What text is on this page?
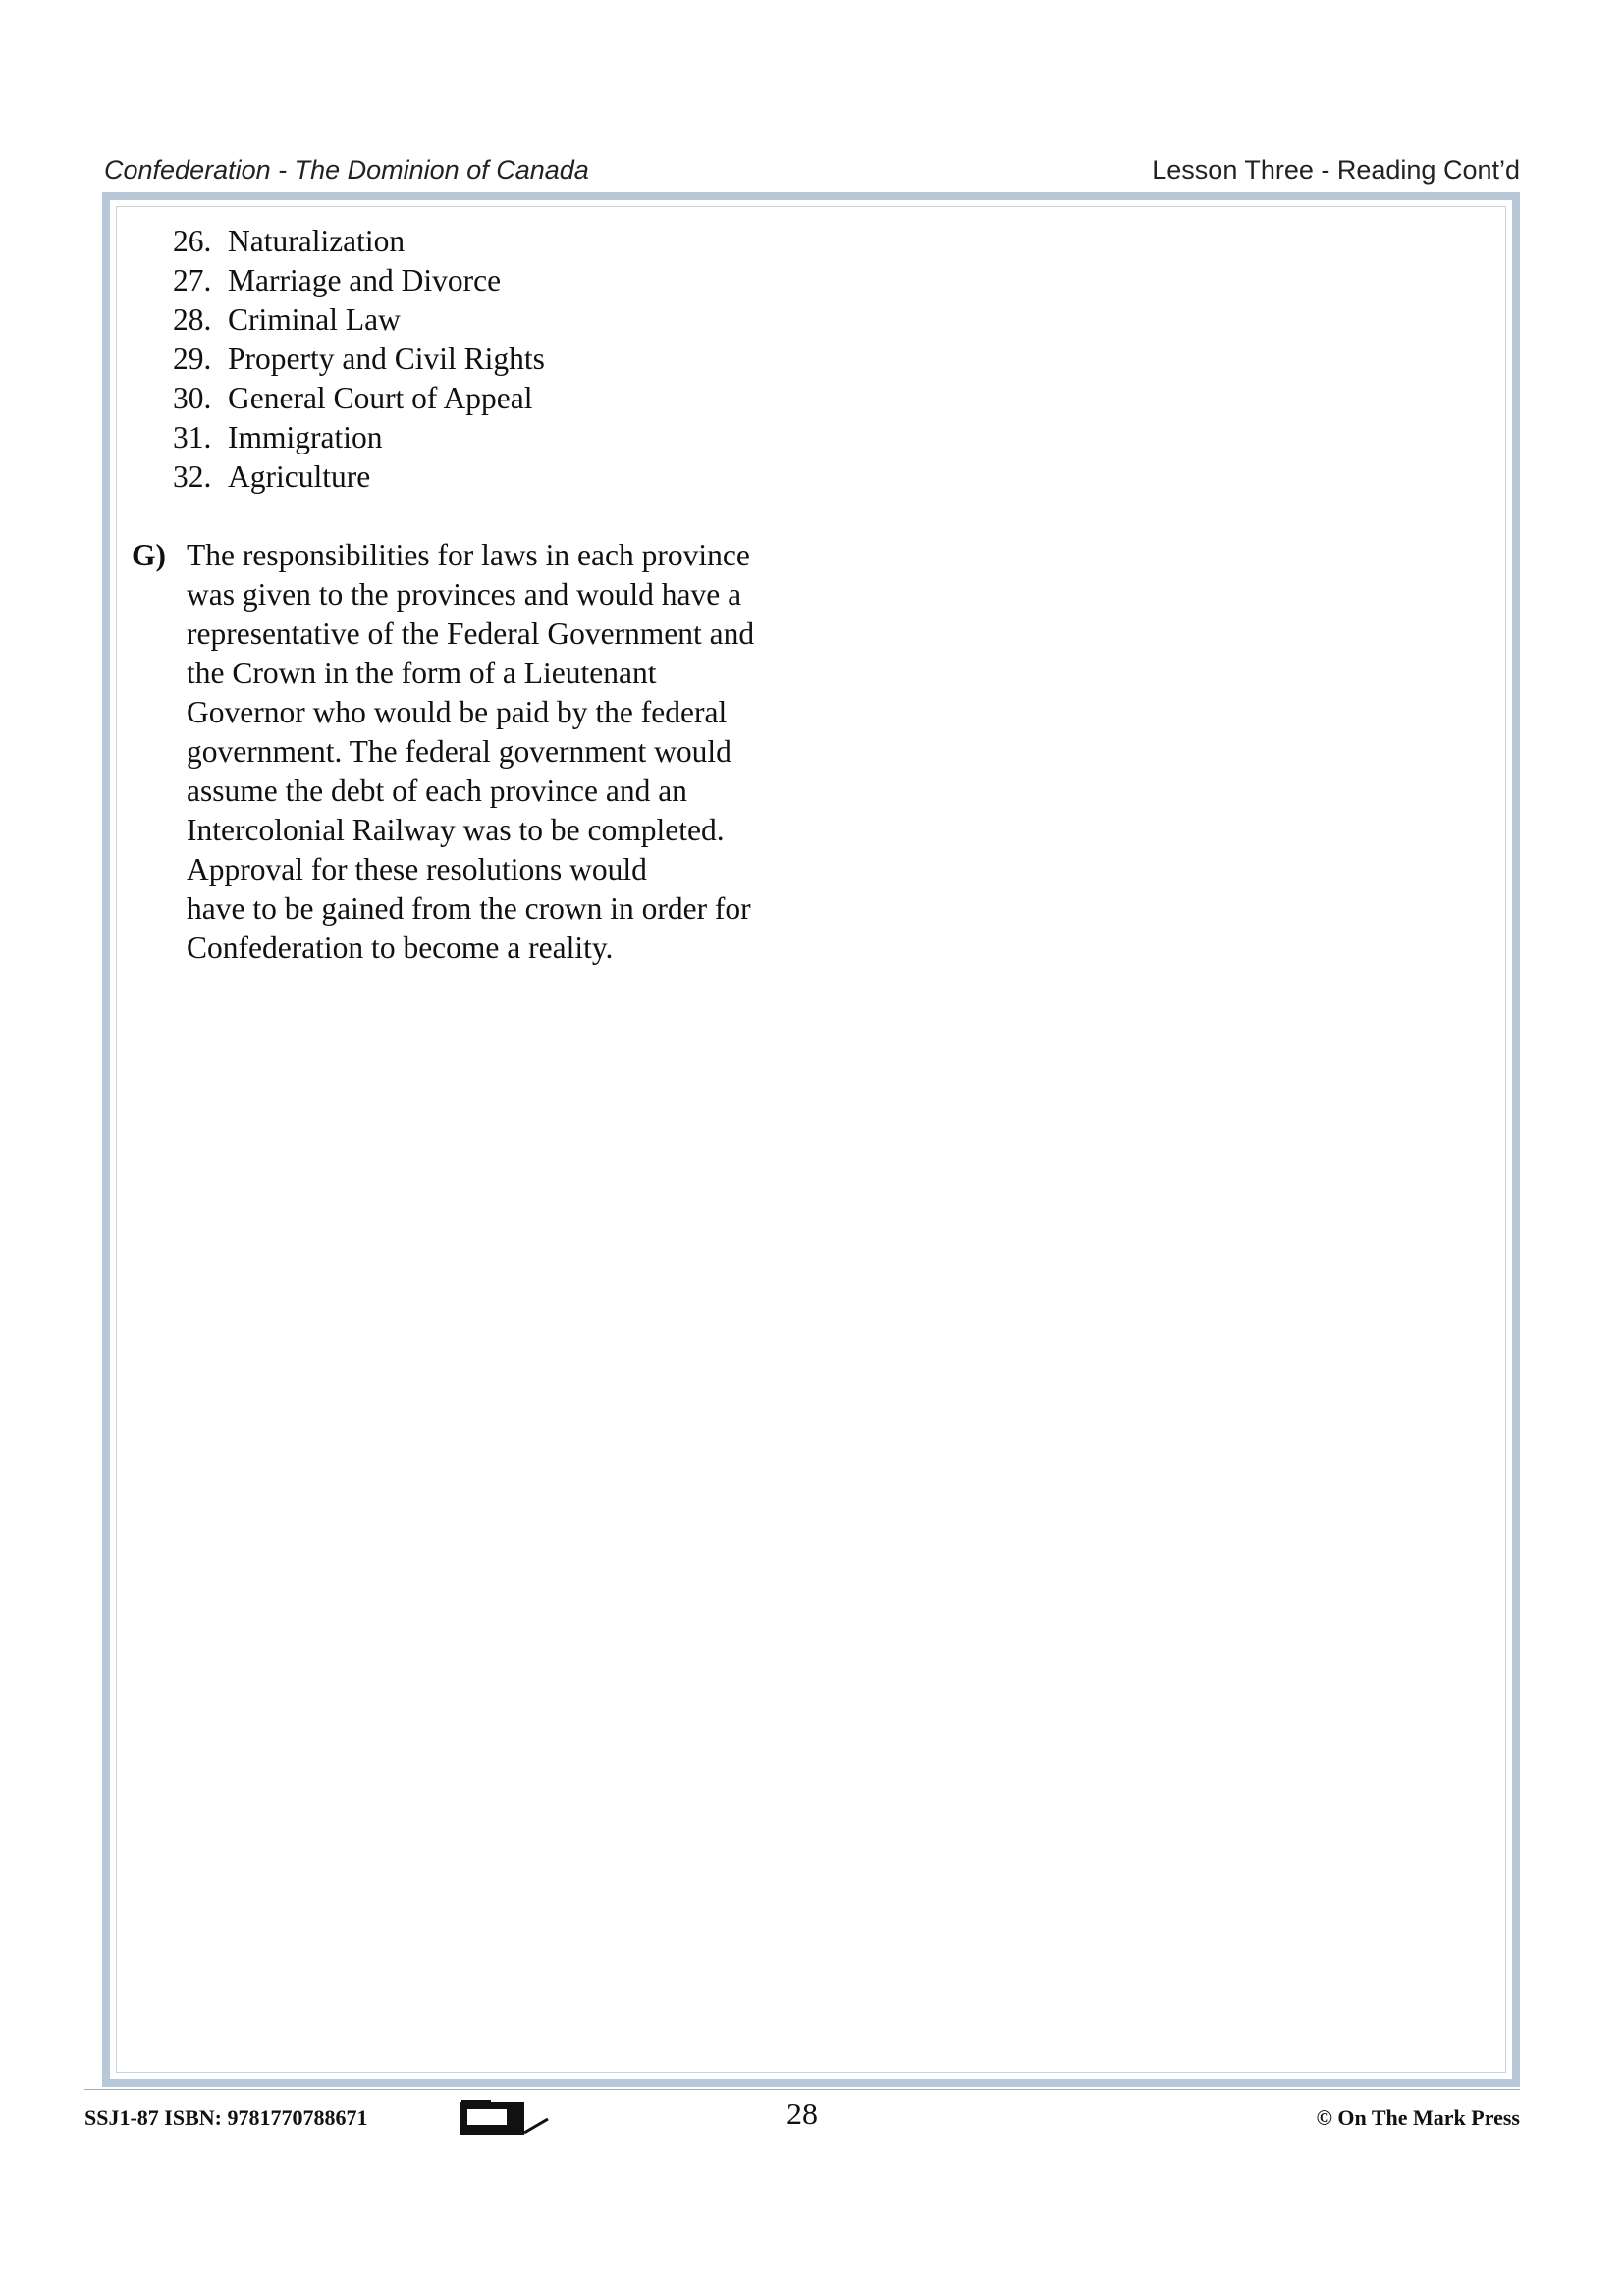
Confederation - The Dominion of Canada	Lesson Three - Reading Cont’d
26. Naturalization
27. Marriage and Divorce
28. Criminal Law
29. Property and Civil Rights
30. General Court of Appeal
31. Immigration
32. Agriculture
G) The responsibilities for laws in each province
was given to the provinces and would have a
representative of the Federal Government and
the Crown in the form of a Lieutenant
Governor who would be paid by the federal
government. The federal government would
assume the debt of each province and an
Intercolonial Railway was to be completed.
Approval for these resolutions would
have to be gained from the crown in order for
Confederation to become a reality.
SSJ1-87 ISBN: 9781770788671	28	© On The Mark Press
